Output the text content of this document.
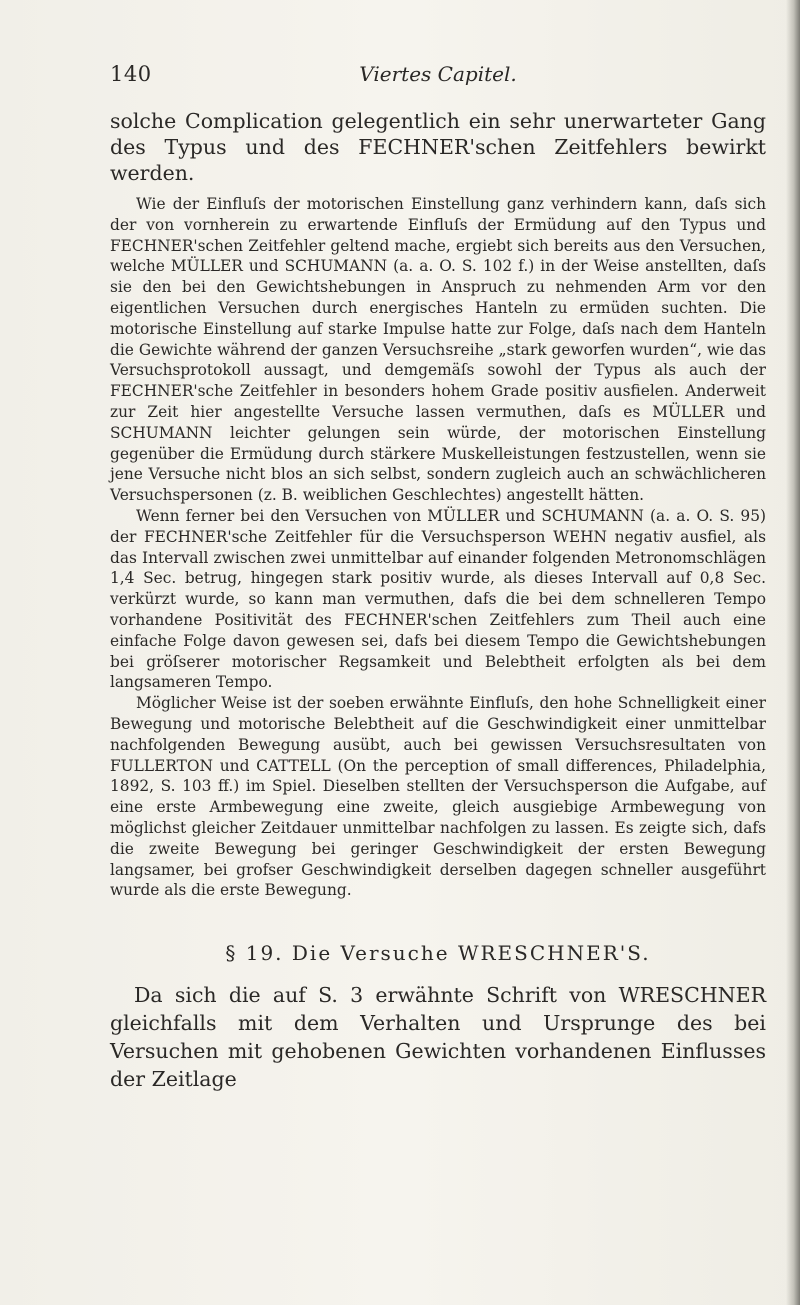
140	Viertes Capitel.

solche Complication gelegentlich ein sehr unerwarteter Gang des Typus und des FECHNER'schen Zeitfehlers bewirkt werden.

Wie der Einfluſs der motorischen Einstellung ganz verhindern kann, daſs sich der von vornherein zu erwartende Einfluſs der Ermüdung auf den Typus und FECHNER'schen Zeitfehler geltend mache, ergiebt sich bereits aus den Versuchen, welche MÜLLER und SCHUMANN (a. a. O. S. 102 f.) in der Weise anstellten, daſs sie den bei den Gewichtshebungen in Anspruch zu nehmenden Arm vor den eigentlichen Versuchen durch energisches Hanteln zu ermüden suchten. Die motorische Einstellung auf starke Impulse hatte zur Folge, daſs nach dem Hanteln die Gewichte während der ganzen Versuchsreihe „stark geworfen wurden“, wie das Versuchsprotokoll aussagt, und demgemäſs sowohl der Typus als auch der FECHNER'sche Zeitfehler in besonders hohem Grade positiv ausfielen. Anderweit zur Zeit hier angestellte Versuche lassen vermuthen, daſs es MÜLLER und SCHUMANN leichter gelungen sein würde, der motorischen Einstellung gegenüber die Ermüdung durch stärkere Muskelleistungen festzustellen, wenn sie jene Versuche nicht blos an sich selbst, sondern zugleich auch an schwächlicheren Versuchspersonen (z. B. weiblichen Geschlechtes) angestellt hätten.

Wenn ferner bei den Versuchen von MÜLLER und SCHUMANN (a. a. O. S. 95) der FECHNER'sche Zeitfehler für die Versuchsperson WEHN negativ ausfiel, als das Intervall zwischen zwei unmittelbar auf einander folgenden Metronomschlägen 1,4 Sec. betrug, hingegen stark positiv wurde, als dieses Intervall auf 0,8 Sec. verkürzt wurde, so kann man vermuthen, dafs die bei dem schnelleren Tempo vorhandene Positivität des FECHNER'schen Zeitfehlers zum Theil auch eine einfache Folge davon gewesen sei, dafs bei diesem Tempo die Gewichtshebungen bei gröſserer motorischer Regsamkeit und Belebtheit erfolgten als bei dem langsameren Tempo.

Möglicher Weise ist der soeben erwähnte Einfluſs, den hohe Schnelligkeit einer Bewegung und motorische Belebtheit auf die Geschwindigkeit einer unmittelbar nachfolgenden Bewegung ausübt, auch bei gewissen Versuchsresultaten von FULLERTON und CATTELL (On the perception of small differences, Philadelphia, 1892, S. 103 ff.) im Spiel. Dieselben stellten der Versuchsperson die Aufgabe, auf eine erste Armbewegung eine zweite, gleich ausgiebige Armbewegung von möglichst gleicher Zeitdauer unmittelbar nachfolgen zu lassen. Es zeigte sich, dafs die zweite Bewegung bei geringer Geschwindigkeit der ersten Bewegung langsamer, bei grofser Geschwindigkeit derselben dagegen schneller ausgeführt wurde als die erste Bewegung.

§ 19. Die Versuche WRESCHNER'S.

Da sich die auf S. 3 erwähnte Schrift von WRESCHNER gleichfalls mit dem Verhalten und Ursprunge des bei Versuchen mit gehobenen Gewichten vorhandenen Einflusses der Zeitlage
